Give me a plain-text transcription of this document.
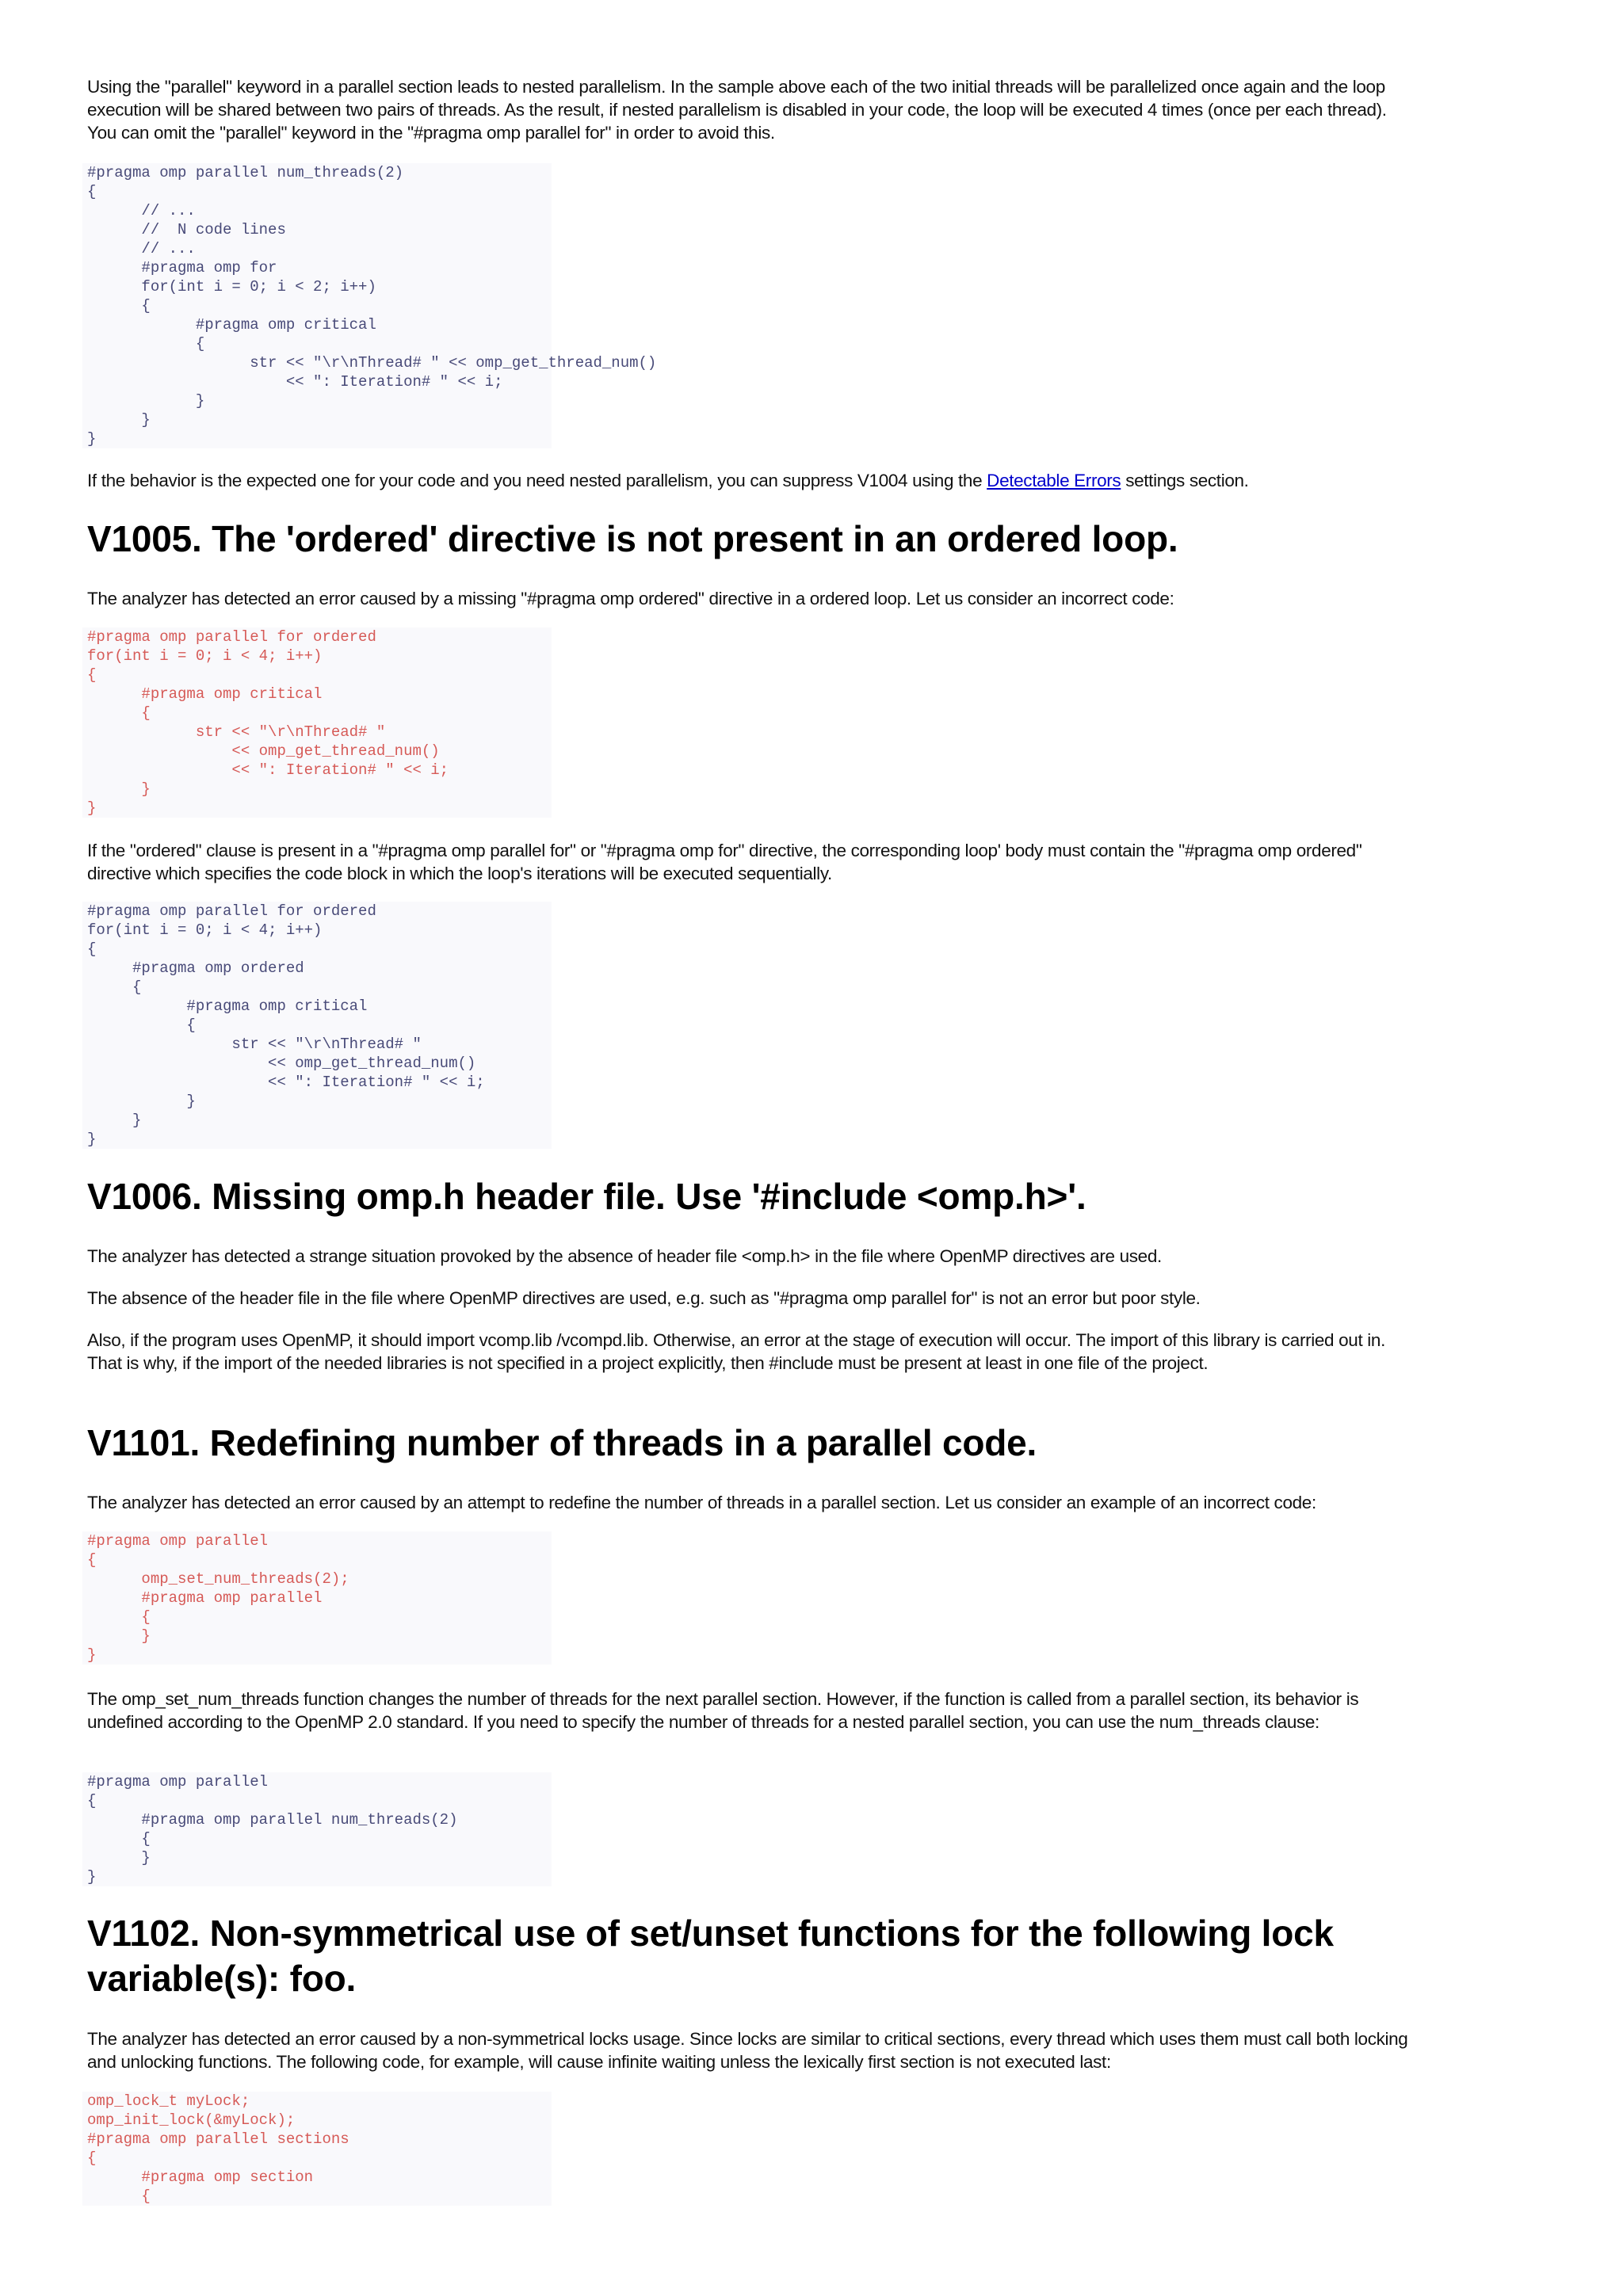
Using the "parallel" keyword in a parallel section leads to nested parallelism. In the sample above each of the two initial threads will be parallelized once again and the loop execution will be shared between two pairs of threads. As the result, if nested parallelism is disabled in your code, the loop will be executed 4 times (once per each thread). You can omit the "parallel" keyword in the "#pragma omp parallel for" in order to avoid this.

#pragma omp parallel num_threads(2)
{
// ...
//  N code lines
// ...
#pragma omp for
for(int i = 0; i < 2; i++)
{
#pragma omp critical
{
str << "\r\nThread# " << omp_get_thread_num()
<< ": Iteration# " << i;
}
}
}

If the behavior is the expected one for your code and you need nested parallelism, you can suppress V1004 using the Detectable Errors settings section.

V1005. The 'ordered' directive is not present in an ordered loop.

The analyzer has detected an error caused by a missing "#pragma omp ordered" directive in a ordered loop. Let us consider an incorrect code:

#pragma omp parallel for ordered
for(int i = 0; i < 4; i++)
{
#pragma omp critical
{
str << "\r\nThread# "
<< omp_get_thread_num()
<< ": Iteration# " << i;
}
}

If the "ordered" clause is present in a "#pragma omp parallel for" or "#pragma omp for" directive, the corresponding loop' body must contain the "#pragma omp ordered" directive which specifies the code block in which the loop's iterations will be executed sequentially.

#pragma omp parallel for ordered
for(int i = 0; i < 4; i++)
{
#pragma omp ordered
{
#pragma omp critical
{
str << "\r\nThread# "
<< omp_get_thread_num()
<< ": Iteration# " << i;
}
}
}
V1006. Missing omp.h header file. Use '#include <omp.h>'.

The analyzer has detected a strange situation provoked by the absence of header file <omp.h> in the file where OpenMP directives are used.

The absence of the header file in the file where OpenMP directives are used, e.g. such as "#pragma omp parallel for" is not an error but poor style.

Also, if the program uses OpenMP, it should import vcomp.lib /vcompd.lib. Otherwise, an error at the stage of execution will occur. The import of this library is carried out in. That is why, if the import of the needed libraries is not specified in a project explicitly, then #include must be present at least in one file of the project.

V1101. Redefining number of threads in a parallel code.

The analyzer has detected an error caused by an attempt to redefine the number of threads in a parallel section. Let us consider an example of an incorrect code:

#pragma omp parallel
{
omp_set_num_threads(2);
#pragma omp parallel
{
}
}

The omp_set_num_threads function changes the number of threads for the next parallel section. However, if the function is called from a parallel section, its behavior is undefined according to the OpenMP 2.0 standard. If you need to specify the number of threads for a nested parallel section, you can use the num_threads clause:

#pragma omp parallel
{
#pragma omp parallel num_threads(2)
{
}
}
V1102. Non-symmetrical use of set/unset functions for the following lock variable(s): foo.

The analyzer has detected an error caused by a non-symmetrical locks usage. Since locks are similar to critical sections, every thread which uses them must call both locking and unlocking functions. The following code, for example, will cause infinite waiting unless the lexically first section is not executed last:

omp_lock_t myLock;
omp_init_lock(&myLock);
#pragma omp parallel sections
{
#pragma omp section
{
